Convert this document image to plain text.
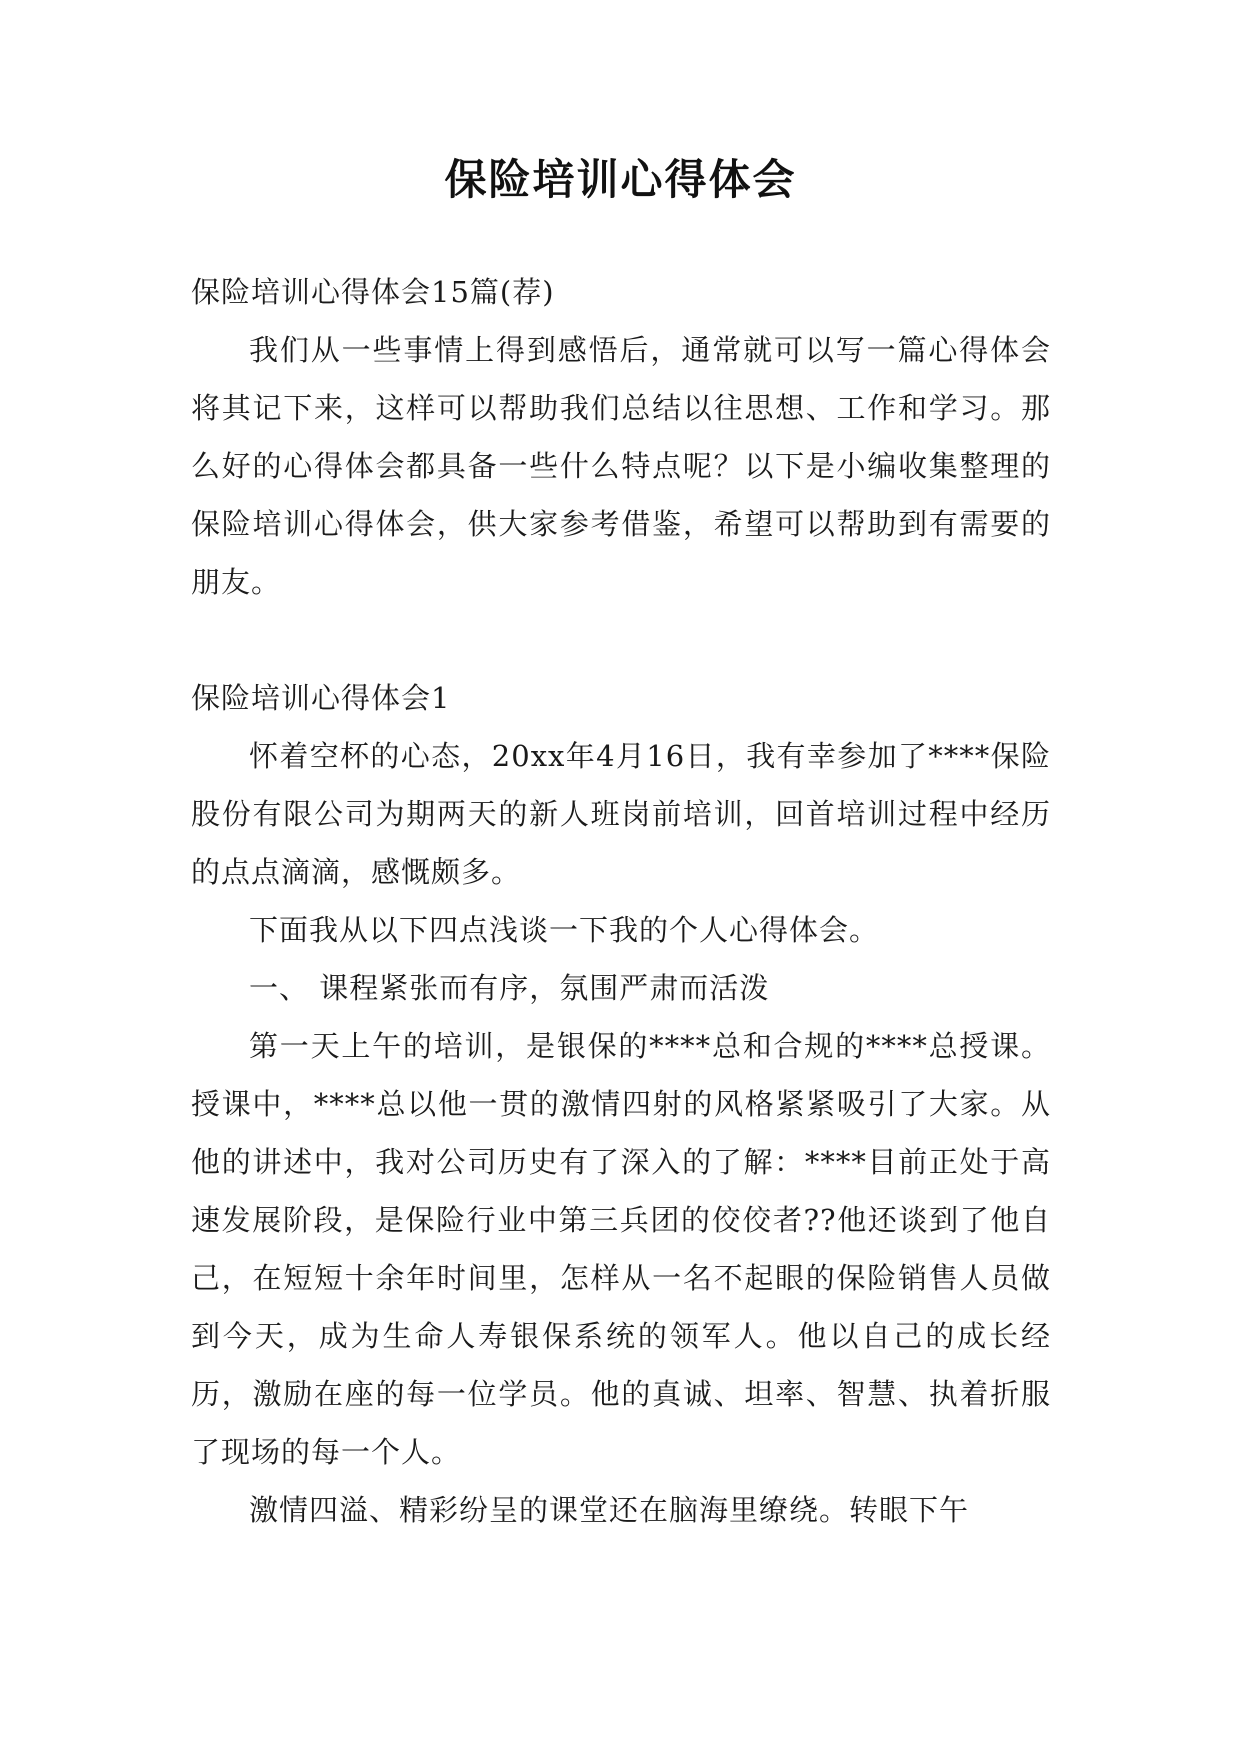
保险培训心得体会

保险培训心得体会15篇(荐)

我们从一些事情上得到感悟后，通常就可以写一篇心得体会将其记下来，这样可以帮助我们总结以往思想、工作和学习。那么好的心得体会都具备一些什么特点呢？以下是小编收集整理的保险培训心得体会，供大家参考借鉴，希望可以帮助到有需要的朋友。

保险培训心得体会1

怀着空杯的心态，20xx年4月16日，我有幸参加了****保险股份有限公司为期两天的新人班岗前培训，回首培训过程中经历的点点滴滴，感慨颇多。

下面我从以下四点浅谈一下我的个人心得体会。

一、 课程紧张而有序，氛围严肃而活泼

第一天上午的培训，是银保的****总和合规的****总授课。授课中，****总以他一贯的激情四射的风格紧紧吸引了大家。从他的讲述中，我对公司历史有了深入的了解：****目前正处于高速发展阶段，是保险行业中第三兵团的佼佼者??他还谈到了他自己，在短短十余年时间里，怎样从一名不起眼的保险销售人员做到今天，成为生命人寿银保系统的领军人。他以自己的成长经历，激励在座的每一位学员。他的真诚、坦率、智慧、执着折服了现场的每一个人。

激情四溢、精彩纷呈的课堂还在脑海里缭绕。转眼下午
